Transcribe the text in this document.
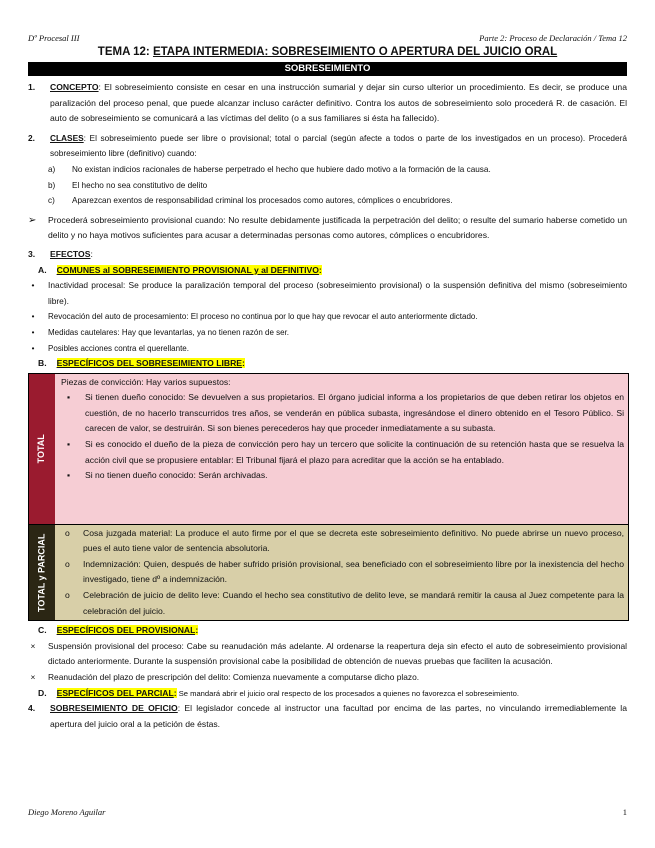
Dº Procesal III	Parte 2: Proceso de Declaración / Tema 12
TEMA 12: ETAPA INTERMEDIA: SOBRESEIMIENTO O APERTURA DEL JUICIO ORAL
SOBRESEIMIENTO
1.	CONCEPTO: El sobreseimiento consiste en cesar en una instrucción sumarial y dejar sin curso ulterior un procedimiento. Es decir, se produce una paralización del proceso penal, que puede alcanzar incluso carácter definitivo. Contra los autos de sobreseimiento solo procederá R. de casación. El auto de sobreseimiento se comunicará a las víctimas del delito (o a sus familiares si ésta ha fallecido).

2.	CLASES: El sobreseimiento puede ser libre o provisional; total o parcial (según afecte a todos o parte de los investigados en un proceso). Procederá sobreseimiento libre (definitivo) cuando:

a)	No existan indicios racionales de haberse perpetrado el hecho que hubiere dado motivo a la formación de la causa.
b)	El hecho no sea constitutivo de delito
c)	Aparezcan exentos de responsabilidad criminal los procesados como autores, cómplices o encubridores.
➢	Procederá sobreseimiento provisional cuando: No resulte debidamente justificada la perpetración del delito; o resulte del sumario haberse cometido un delito y no haya motivos suficientes para acusar a determinadas personas como autores, cómplices o encubridores.

3.	EFECTOS:
A. COMUNES al SOBRESEIMIENTO PROVISIONAL y al DEFINITIVO:
•	Inactividad procesal: Se produce la paralización temporal del proceso (sobreseimiento provisional) o la suspensión definitiva del mismo (sobreseimiento libre).

•	Revocación del auto de procesamiento: El proceso no continua por lo que hay que revocar el auto anteriormente dictado.
•	Medidas cautelares: Hay que levantarlas, ya no tienen razón de ser.
•	Posibles acciones contra el querellante.
B. ESPECÍFICOS DEL SOBRESEIMIENTO LIBRE:
TOTAL
Piezas de convicción: Hay varios supuestos:
▪	Si tienen dueño conocido: Se devuelven a sus propietarios. El órgano judicial informa a los propietarios de que deben retirar los objetos en cuestión, de no hacerlo transcurridos tres años, se venderán en pública subasta, ingresándose el dinero obtenido en el Tesoro Público. Si carecen de valor, se destruirán. Si son bienes perecederos hay que proceder inmediatamente a su subasta.

▪	Si es conocido el dueño de la pieza de convicción pero hay un tercero que solicite la continuación de su retención hasta que se resuelva la acción civil que se propusiere entablar: El Tribunal fijará el plazo para acreditar que la acción se ha entablado.

▪	Si no tienen dueño conocido: Serán archivadas.

TOTAL y PARCIAL
o	Cosa juzgada material: La produce el auto firme por el que se decreta este sobreseimiento definitivo. No puede abrirse un nuevo proceso, pues el auto tiene valor de sentencia absolutoria.

o	Indemnización: Quien, después de haber sufrido prisión provisional, sea beneficiado con el sobreseimiento libre por la inexistencia del hecho investigado, tiene dº a indemnización.

o	Celebración de juicio de delito leve: Cuando el hecho sea constitutivo de delito leve, se mandará remitir la causa al Juez competente para la celebración del juicio.

C. ESPECÍFICOS DEL PROVISIONAL:
×	Suspensión provisional del proceso: Cabe su reanudación más adelante. Al ordenarse la reapertura deja sin efecto el auto de sobreseimiento provisional dictado anteriormente. Durante la suspensión provisional cabe la posibilidad de obtención de nuevas pruebas que faciliten la acusación.

×	Reanudación del plazo de prescripción del delito: Comienza nuevamente a computarse dicho plazo.
D. ESPECÍFICOS DEL PARCIAL: Se mandará abrir el juicio oral respecto de los procesados a quienes no favorezca el sobreseimiento.
4.	SOBRESEIMIENTO DE OFICIO: El legislador concede al instructor una facultad por encima de las partes, no vinculando irremediablemente la apertura del juicio oral a la petición de éstas.

Diego Moreno Aguilar	1
